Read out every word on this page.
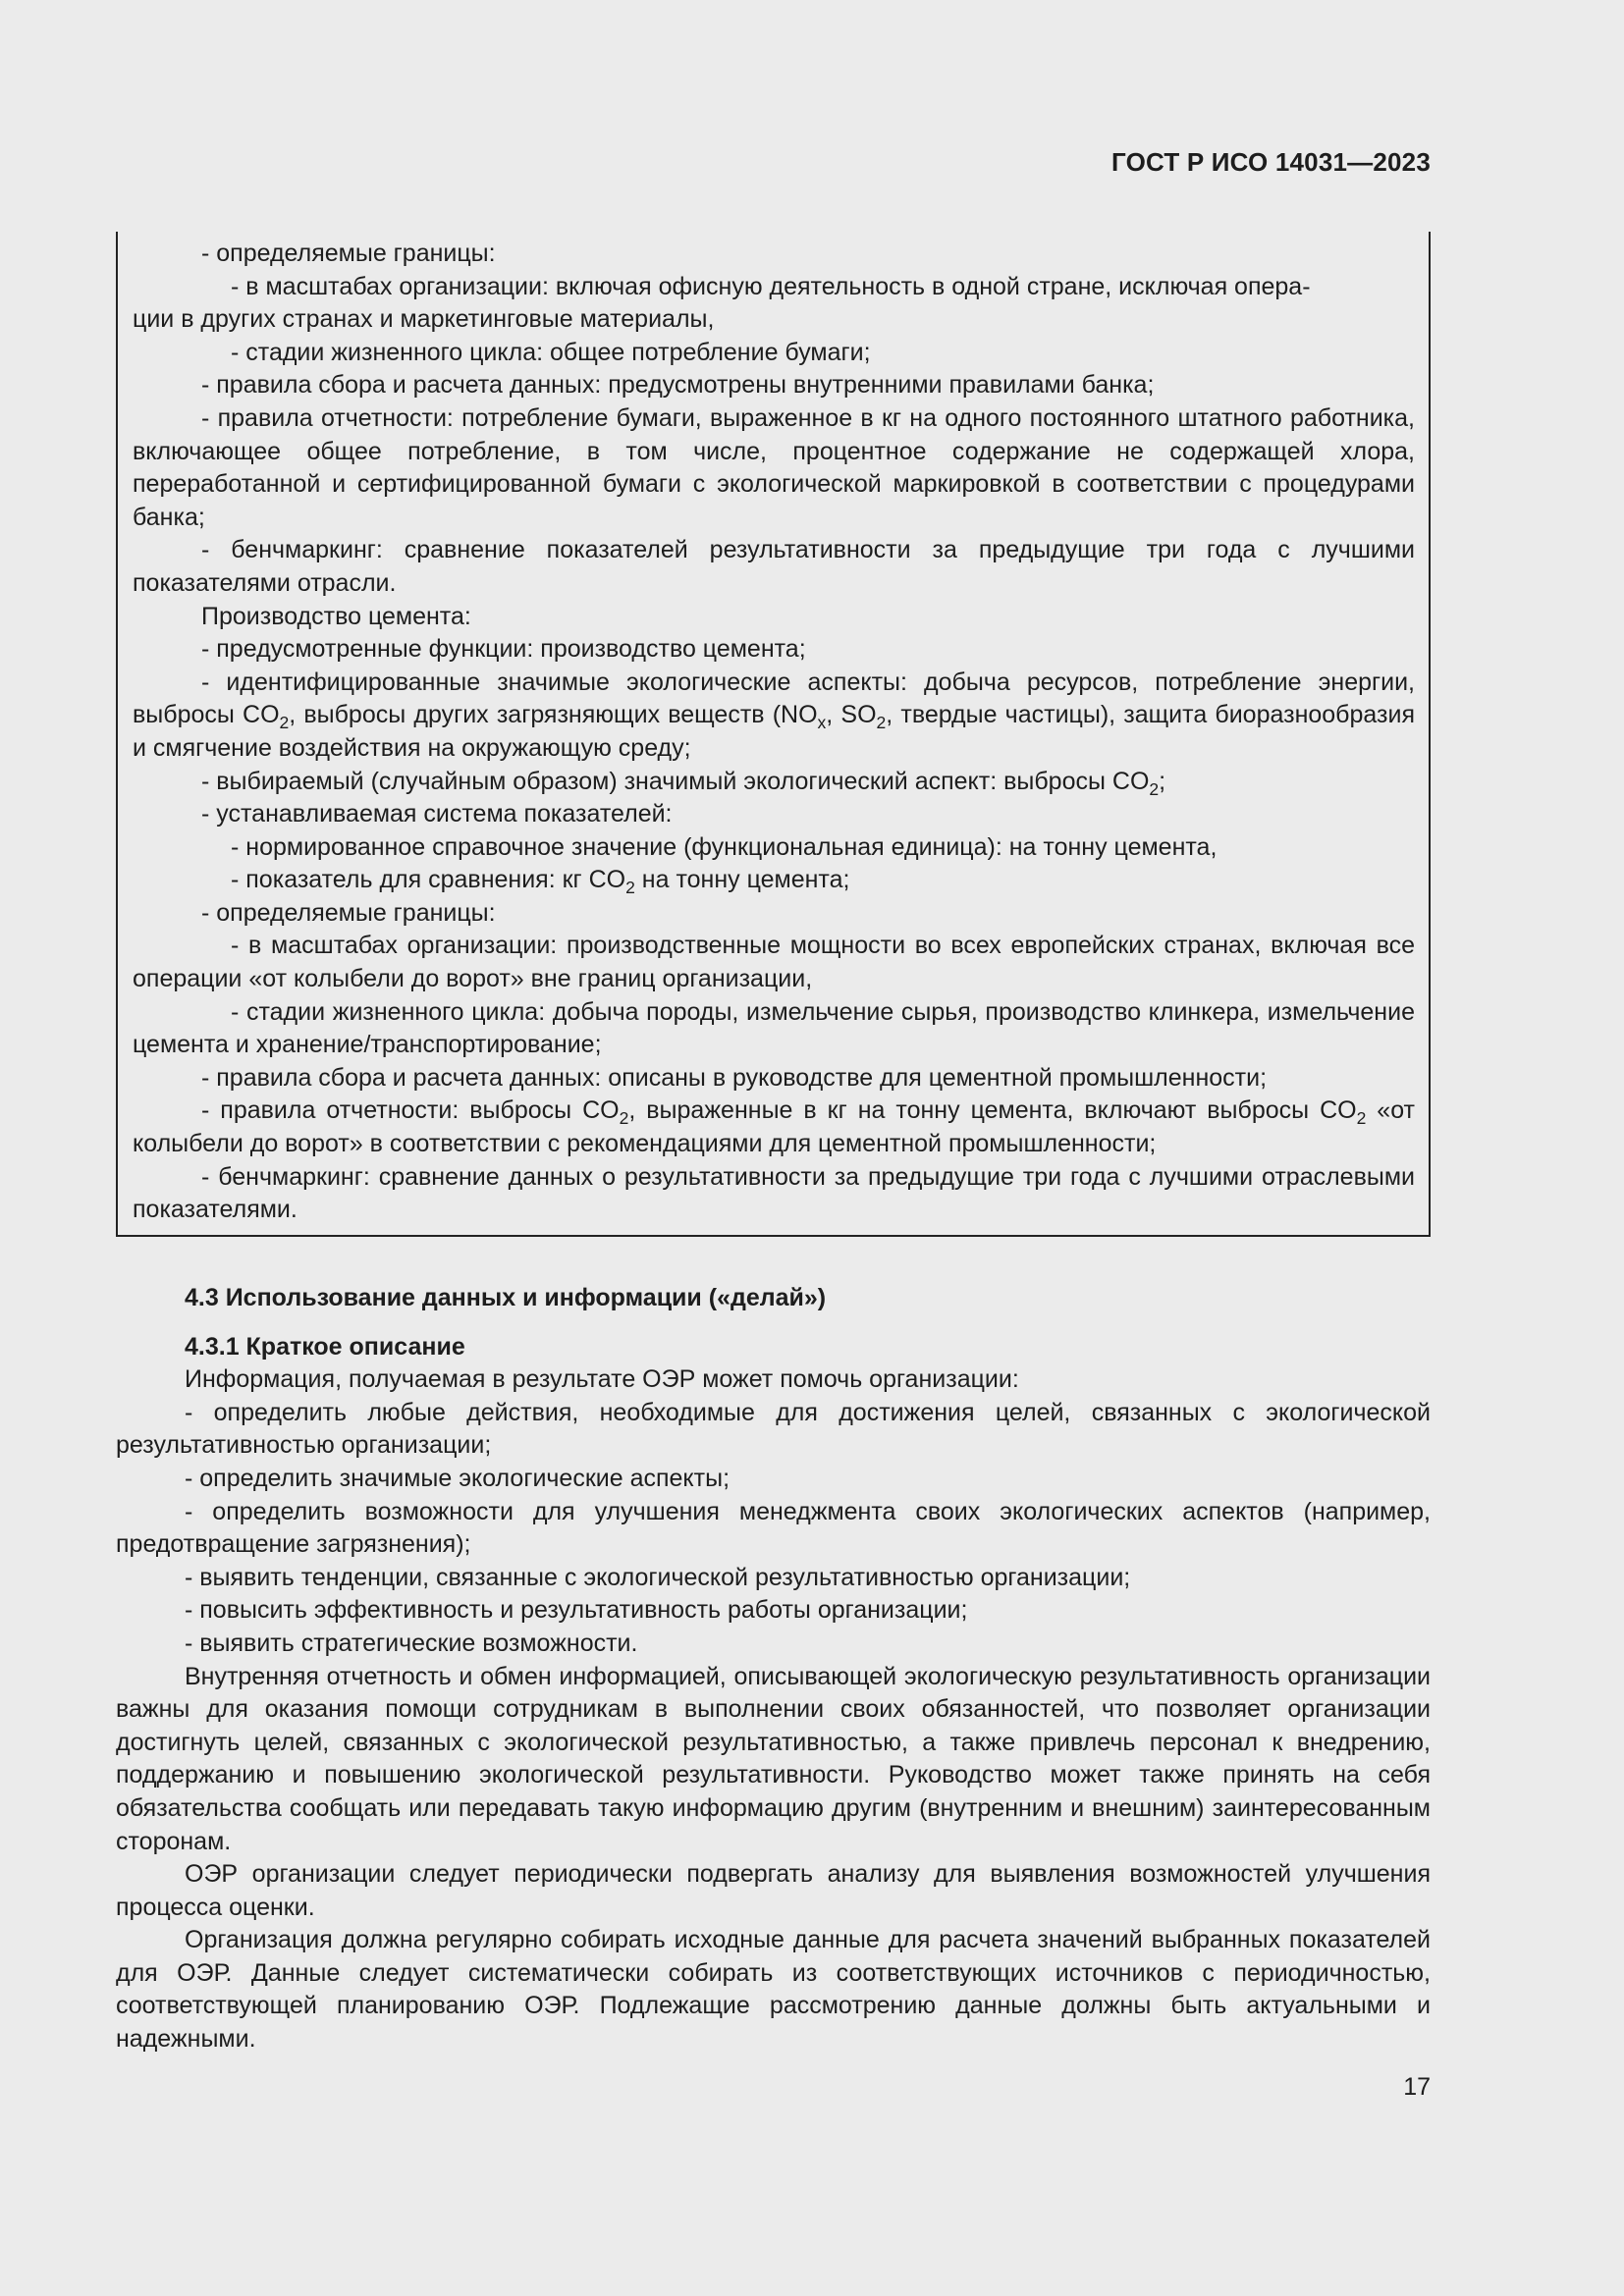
ГОСТ Р ИСО 14031—2023

- определяемые границы:

- в масштабах организации: включая офисную деятельность в одной стране, исключая опера-

ции в других странах и маркетинговые материалы,

- стадии жизненного цикла: общее потребление бумаги;

- правила сбора и расчета данных: предусмотрены внутренними правилами банка;

- правила отчетности: потребление бумаги, выраженное в кг на одного постоянного штатного работника, включающее общее потребление, в том числе, процентное содержание не содержащей хлора, переработанной и сертифицированной бумаги с экологической маркировкой в соответствии с процедурами банка;

- бенчмаркинг: сравнение показателей результативности за предыдущие три года с лучшими показателями отрасли.

Производство цемента:

- предусмотренные функции: производство цемента;

- идентифицированные значимые экологические аспекты: добыча ресурсов, потребление энергии, выбросы $CO_2$, выбросы других загрязняющих веществ ($NO_x$, $SO_2$, твердые частицы), защита биоразнообразия и смягчение воздействия на окружающую среду;

- выбираемый (случайным образом) значимый экологический аспект: выбросы $CO_2$;

- устанавливаемая система показателей:

- нормированное справочное значение (функциональная единица): на тонну цемента,

- показатель для сравнения: кг $CO_2$ на тонну цемента;

- определяемые границы:

- в масштабах организации: производственные мощности во всех европейских странах, включая все операции «от колыбели до ворот» вне границ организации,

- стадии жизненного цикла: добыча породы, измельчение сырья, производство клинкера, измельчение цемента и хранение/транспортирование;

- правила сбора и расчета данных: описаны в руководстве для цементной промышленности;

- правила отчетности: выбросы $CO_2$, выраженные в кг на тонну цемента, включают выбросы $CO_2$ «от колыбели до ворот» в соответствии с рекомендациями для цементной промышленности;

- бенчмаркинг: сравнение данных о результативности за предыдущие три года с лучшими отраслевыми показателями.

4.3 Использование данных и информации («делай»)
4.3.1 Краткое описание

Информация, получаемая в результате ОЭР может помочь организации:

- определить любые действия, необходимые для достижения целей, связанных с экологической результативностью организации;

- определить значимые экологические аспекты;

- определить возможности для улучшения менеджмента своих экологических аспектов (например, предотвращение загрязнения);

- выявить тенденции, связанные с экологической результативностью организации;

- повысить эффективность и результативность работы организации;

- выявить стратегические возможности.

Внутренняя отчетность и обмен информацией, описывающей экологическую результативность организации важны для оказания помощи сотрудникам в выполнении своих обязанностей, что позволяет организации достигнуть целей, связанных с экологической результативностью, а также привлечь персонал к внедрению, поддержанию и повышению экологической результативности. Руководство может также принять на себя обязательства сообщать или передавать такую информацию другим (внутренним и внешним) заинтересованным сторонам.

ОЭР организации следует периодически подвергать анализу для выявления возможностей улучшения процесса оценки.

Организация должна регулярно собирать исходные данные для расчета значений выбранных показателей для ОЭР. Данные следует систематически собирать из соответствующих источников с периодичностью, соответствующей планированию ОЭР. Подлежащие рассмотрению данные должны быть актуальными и надежными.

17
